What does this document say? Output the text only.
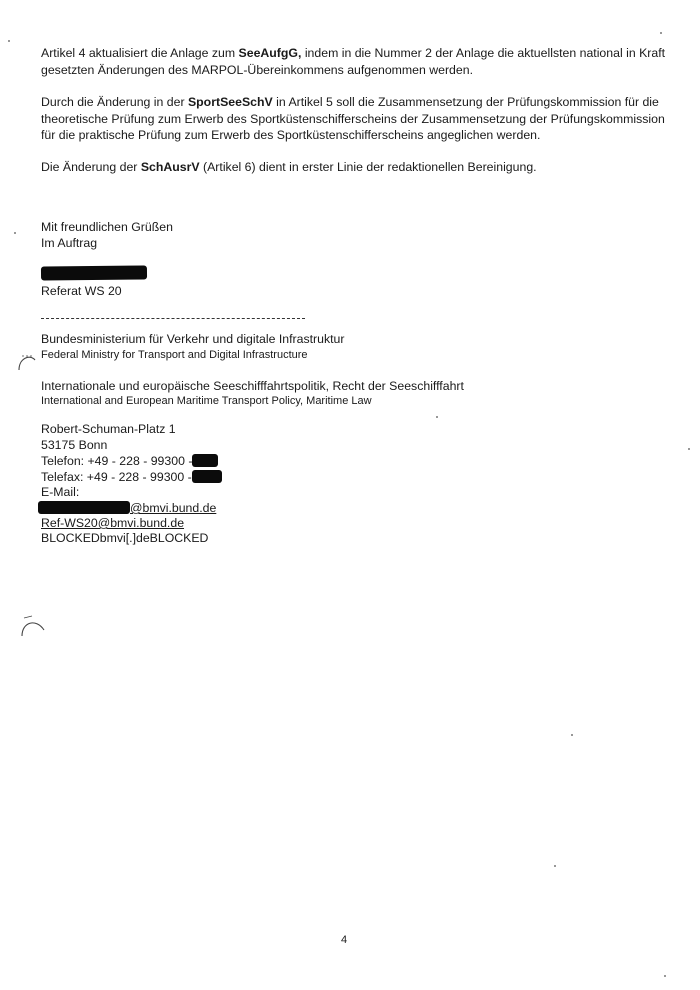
Artikel 4 aktualisiert die Anlage zum SeeAufgG, indem in die Nummer 2 der Anlage die aktuellsten national in Kraft gesetzten Änderungen des MARPOL-Übereinkommens aufgenommen werden.
Durch die Änderung in der SportSeeSchV in Artikel 5 soll die Zusammensetzung der Prüfungskommission für die theoretische Prüfung zum Erwerb des Sportküstenschifferscheins der Zusammensetzung der Prüfungskommission für die praktische Prüfung zum Erwerb des Sportküstenschifferscheins angeglichen werden.
Die Änderung der SchAusrV (Artikel 6) dient in erster Linie der redaktionellen Bereinigung.
Mit freundlichen Grüßen
Im Auftrag
Referat WS 20
Bundesministerium für Verkehr und digitale Infrastruktur
Federal Ministry for Transport and Digital Infrastructure
Internationale und europäische Seeschifffahrtspolitik, Recht der Seeschifffahrt
International and European Maritime Transport Policy, Maritime Law
Robert-Schuman-Platz 1
53175 Bonn
Telefon: +49 - 228 - 99300 -
Telefax: +49 - 228 - 99300 -
E-Mail:
@bmvi.bund.de
Ref-WS20@bmvi.bund.de
BLOCKEDbmvi[.]deBLOCKED
4
